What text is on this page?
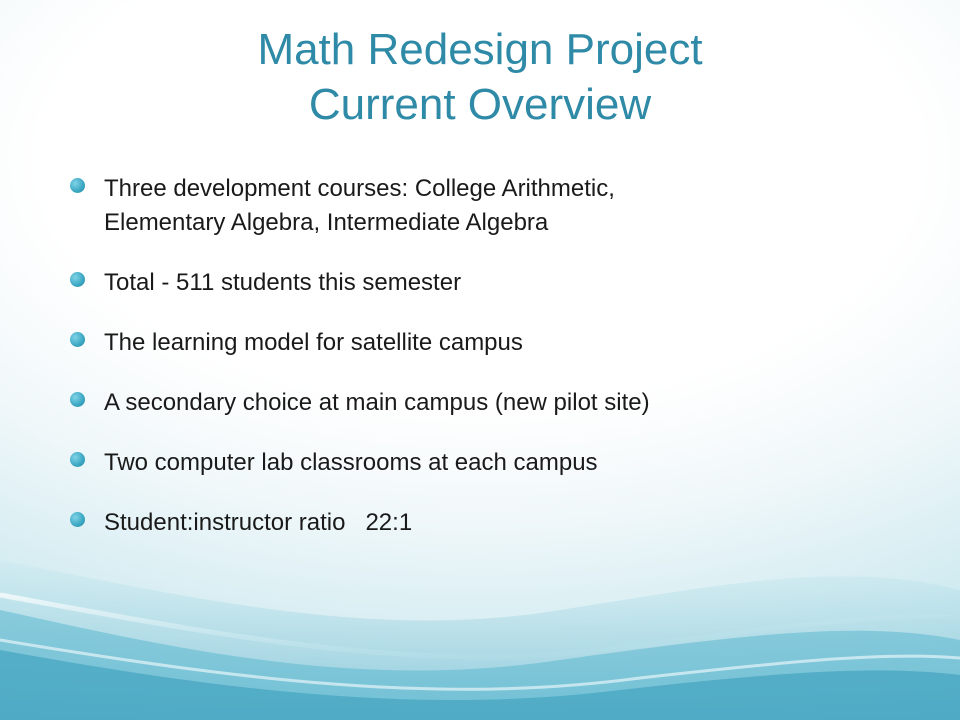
Math Redesign Project
Current Overview
Three development courses: College Arithmetic,
Elementary Algebra, Intermediate Algebra
Total - 511 students this semester
The learning model for satellite campus
A secondary choice at main campus (new pilot site)
Two computer lab classrooms at each campus
Student:instructor ratio   22:1
